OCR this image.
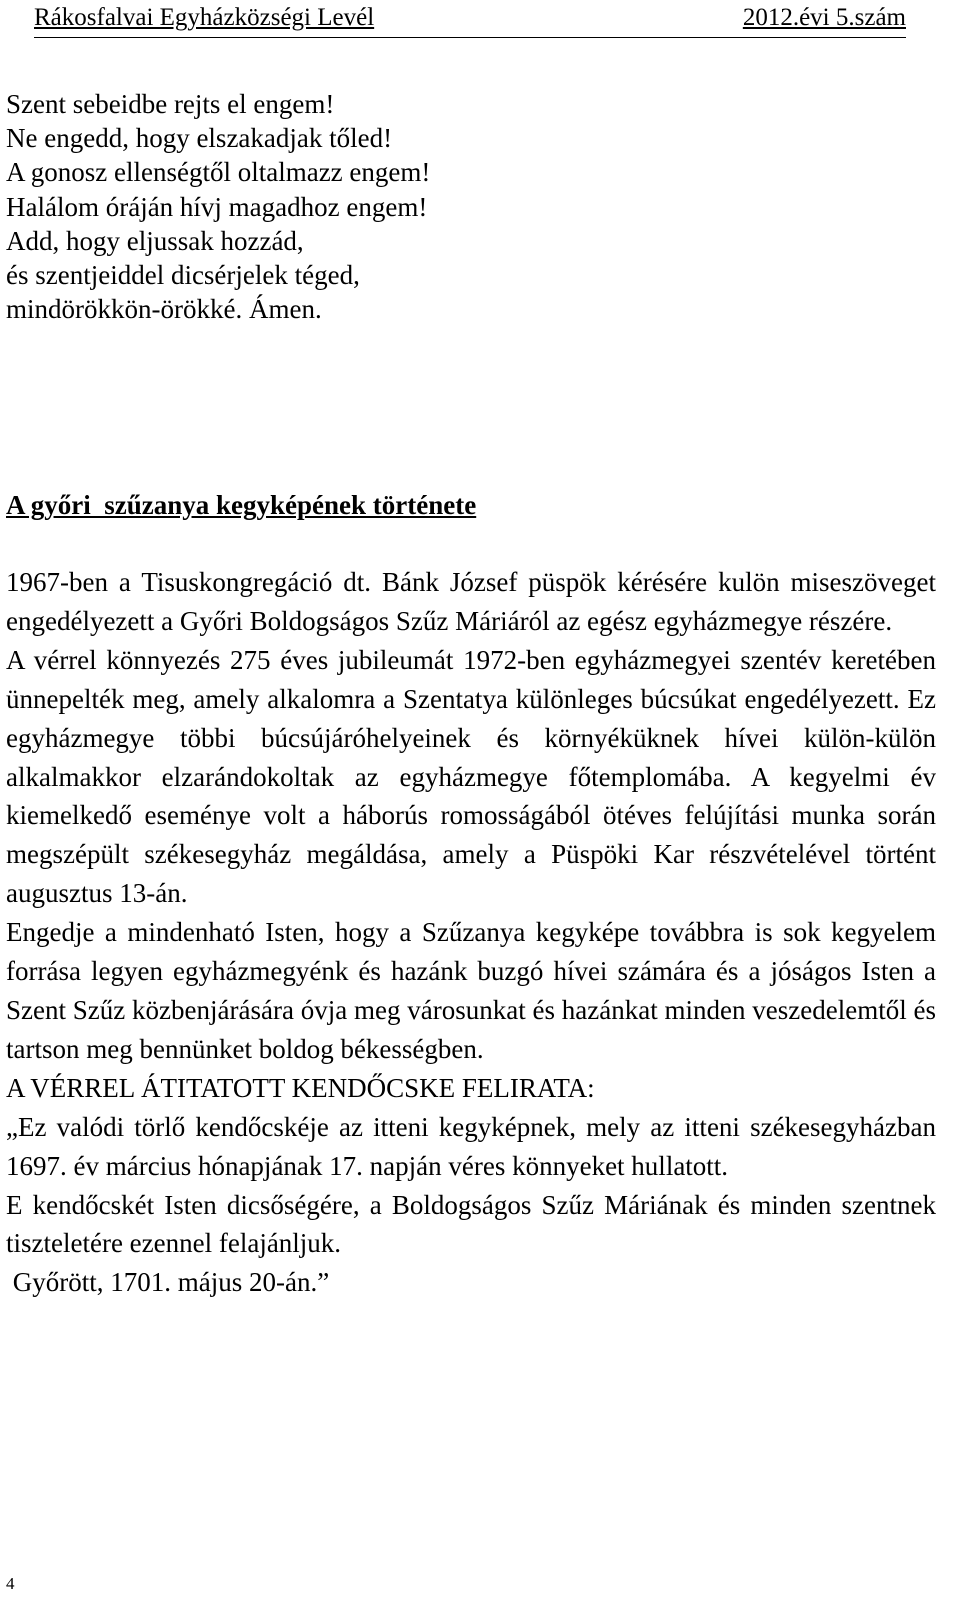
Rákosfalvai Egyházközségi Levél	2012.évi 5.szám
Szent sebeidbe rejts el engem!
Ne engedd, hogy elszakadjak tőled!
A gonosz ellenségtől oltalmazz engem!
Halálom óráján hívj magadhoz engem!
Add, hogy eljussak hozzád,
és szentjeiddel dicsérjelek téged,
mindörökkön-örökké. Ámen.
A győri  szűzanya kegyképének története

1967-ben a Tisuskongregáció dt. Bánk József püspök kérésére kulön miseszöveget engedélyezett a Győri Boldogságos Szűz Máriáról az egész egyházmegye részére.

A vérrel könnyezés 275 éves jubileumát 1972-ben egyházmegyei szentév keretében ünnepelték meg, amely alkalomra a Szentatya különleges búcsúkat engedélyezett. Ez egyházmegye többi búcsújáróhelyeinek és környéküknek hívei külön-külön alkalmakkor elzarándokoltak az egyházmegye főtemplomába. A kegyelmi év kiemelkedő eseménye volt a háborús romosságából ötéves felújítási munka során megszépült székesegyház megáldása, amely a Püspöki Kar részvételével történt augusztus 13-án.

Engedje a mindenható Isten, hogy a Szűzanya kegyképe továbbra is sok kegyelem forrása legyen egyházmegyénk és hazánk buzgó hívei számára és a jóságos Isten a Szent Szűz közbenjárására óvja meg városunkat és hazánkat minden veszedelemtől és tartson meg bennünket boldog békességben.

A VÉRREL ÁTITATOTT KENDŐCSKE FELIRATA:

„Ez valódi törlő kendőcskéje az itteni kegyképnek, mely az itteni székesegyházban 1697. év március hónapjának 17. napján véres könnyeket hullatott.

E kendőcskét Isten dicsőségére, a Boldogságos Szűz Máriának és minden szentnek tiszteletére ezennel felajánljuk.

Győrött, 1701. május 20-án.”

4
